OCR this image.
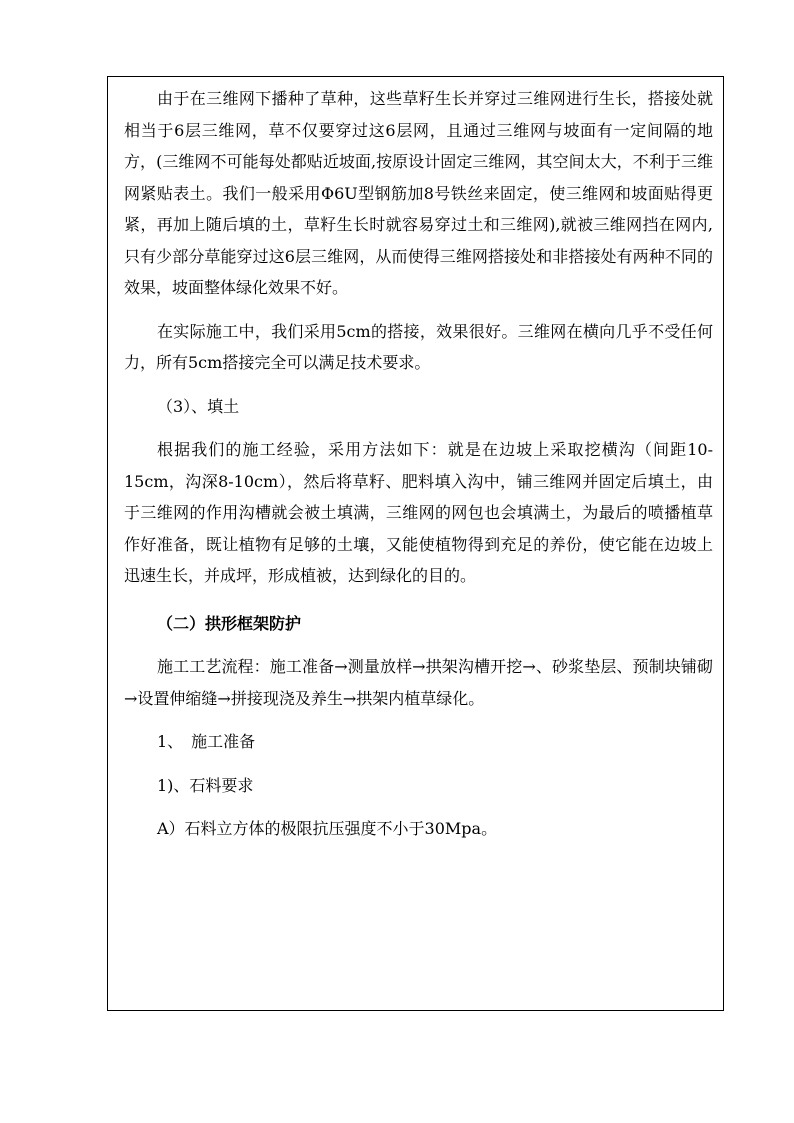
由于在三维网下播种了草种，这些草籽生长并穿过三维网进行生长，搭接处就相当于6层三维网，草不仅要穿过这6层网，且通过三维网与坡面有一定间隔的地方，(三维网不可能每处都贴近坡面,按原设计固定三维网，其空间太大，不利于三维网紧贴表土。我们一般采用Φ6U型钢筋加8号铁丝来固定，使三维网和坡面贴得更紧，再加上随后填的土，草籽生长时就容易穿过土和三维网),就被三维网挡在网内,只有少部分草能穿过这6层三维网，从而使得三维网搭接处和非搭接处有两种不同的效果，坡面整体绿化效果不好。

在实际施工中，我们采用5cm的搭接，效果很好。三维网在横向几乎不受任何力，所有5cm搭接完全可以满足技术要求。

（3）、填土

根据我们的施工经验，采用方法如下：就是在边坡上采取挖横沟（间距10-15cm，沟深8-10cm），然后将草籽、肥料填入沟中，铺三维网并固定后填土，由于三维网的作用沟槽就会被土填满，三维网的网包也会填满土，为最后的喷播植草作好准备，既让植物有足够的土壤，又能使植物得到充足的养份，使它能在边坡上迅速生长，并成坪，形成植被，达到绿化的目的。

（二）拱形框架防护

施工工艺流程：施工准备→测量放样→拱架沟槽开挖→、砂浆垫层、预制块铺砌→设置伸缩缝→拼接现浇及养生→拱架内植草绿化。

1、　施工准备

1)、石料要求

A）石料立方体的极限抗压强度不小于30Mpa。
